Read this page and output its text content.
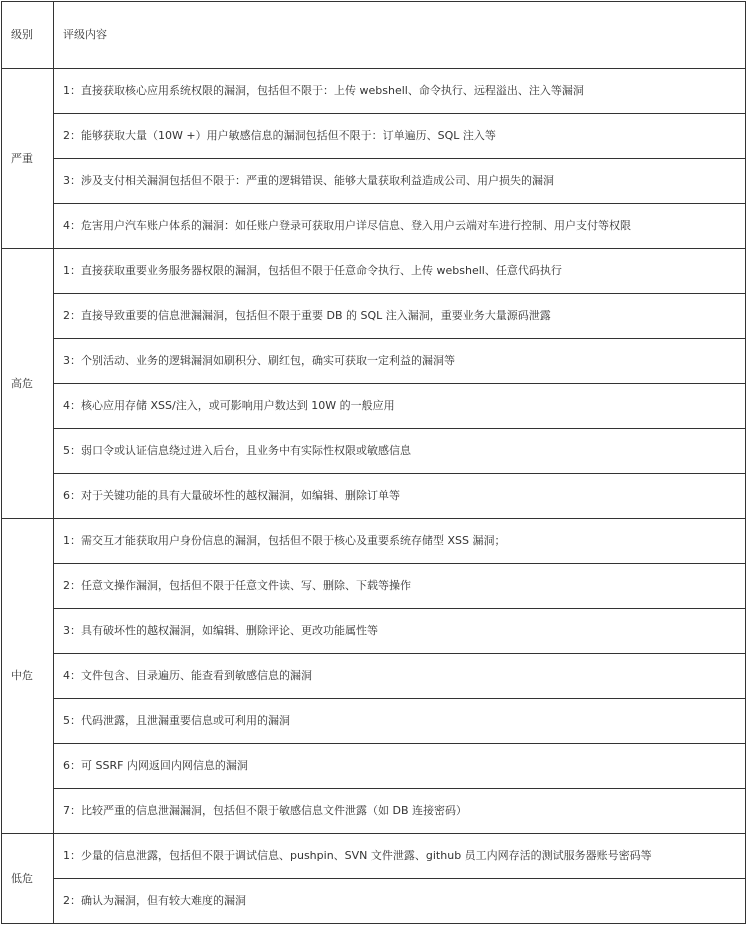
级别	评级内容
严重	1：直接获取核心应用系统权限的漏洞，包括但不限于：上传 webshell、命令执行、远程溢出、注入等漏洞
	2：能够获取大量（10W +）用户敏感信息的漏洞包括但不限于：订单遍历、SQL 注入等
	3：涉及支付相关漏洞包括但不限于：严重的逻辑错误、能够大量获取利益造成公司、用户损失的漏洞
	4：危害用户汽车账户体系的漏洞：如任账户登录可获取用户详尽信息、登入用户云端对车进行控制、用户支付等权限
高危	1：直接获取重要业务服务器权限的漏洞，包括但不限于任意命令执行、上传 webshell、任意代码执行
	2：直接导致重要的信息泄漏漏洞，包括但不限于重要 DB 的 SQL 注入漏洞，重要业务大量源码泄露
	3：个别活动、业务的逻辑漏洞如刷积分、刷红包，确实可获取一定利益的漏洞等
	4：核心应用存储 XSS/注入，或可影响用户数达到 10W 的一般应用
	5：弱口令或认证信息绕过进入后台，且业务中有实际性权限或敏感信息
	6：对于关键功能的具有大量破坏性的越权漏洞，如编辑、删除订单等
中危	1：需交互才能获取用户身份信息的漏洞，包括但不限于核心及重要系统存储型 XSS 漏洞；
	2：任意文操作漏洞，包括但不限于任意文件读、写、删除、下载等操作
	3：具有破坏性的越权漏洞，如编辑、删除评论、更改功能属性等
	4：文件包含、目录遍历、能查看到敏感信息的漏洞
	5：代码泄露，且泄漏重要信息或可利用的漏洞
	6：可 SSRF 内网返回内网信息的漏洞
	7：比较严重的信息泄漏漏洞，包括但不限于敏感信息文件泄露（如 DB 连接密码）
低危	1：少量的信息泄露，包括但不限于调试信息、pushpin、SVN 文件泄露、github 员工内网存活的测试服务器账号密码等
	2：确认为漏洞，但有较大难度的漏洞
